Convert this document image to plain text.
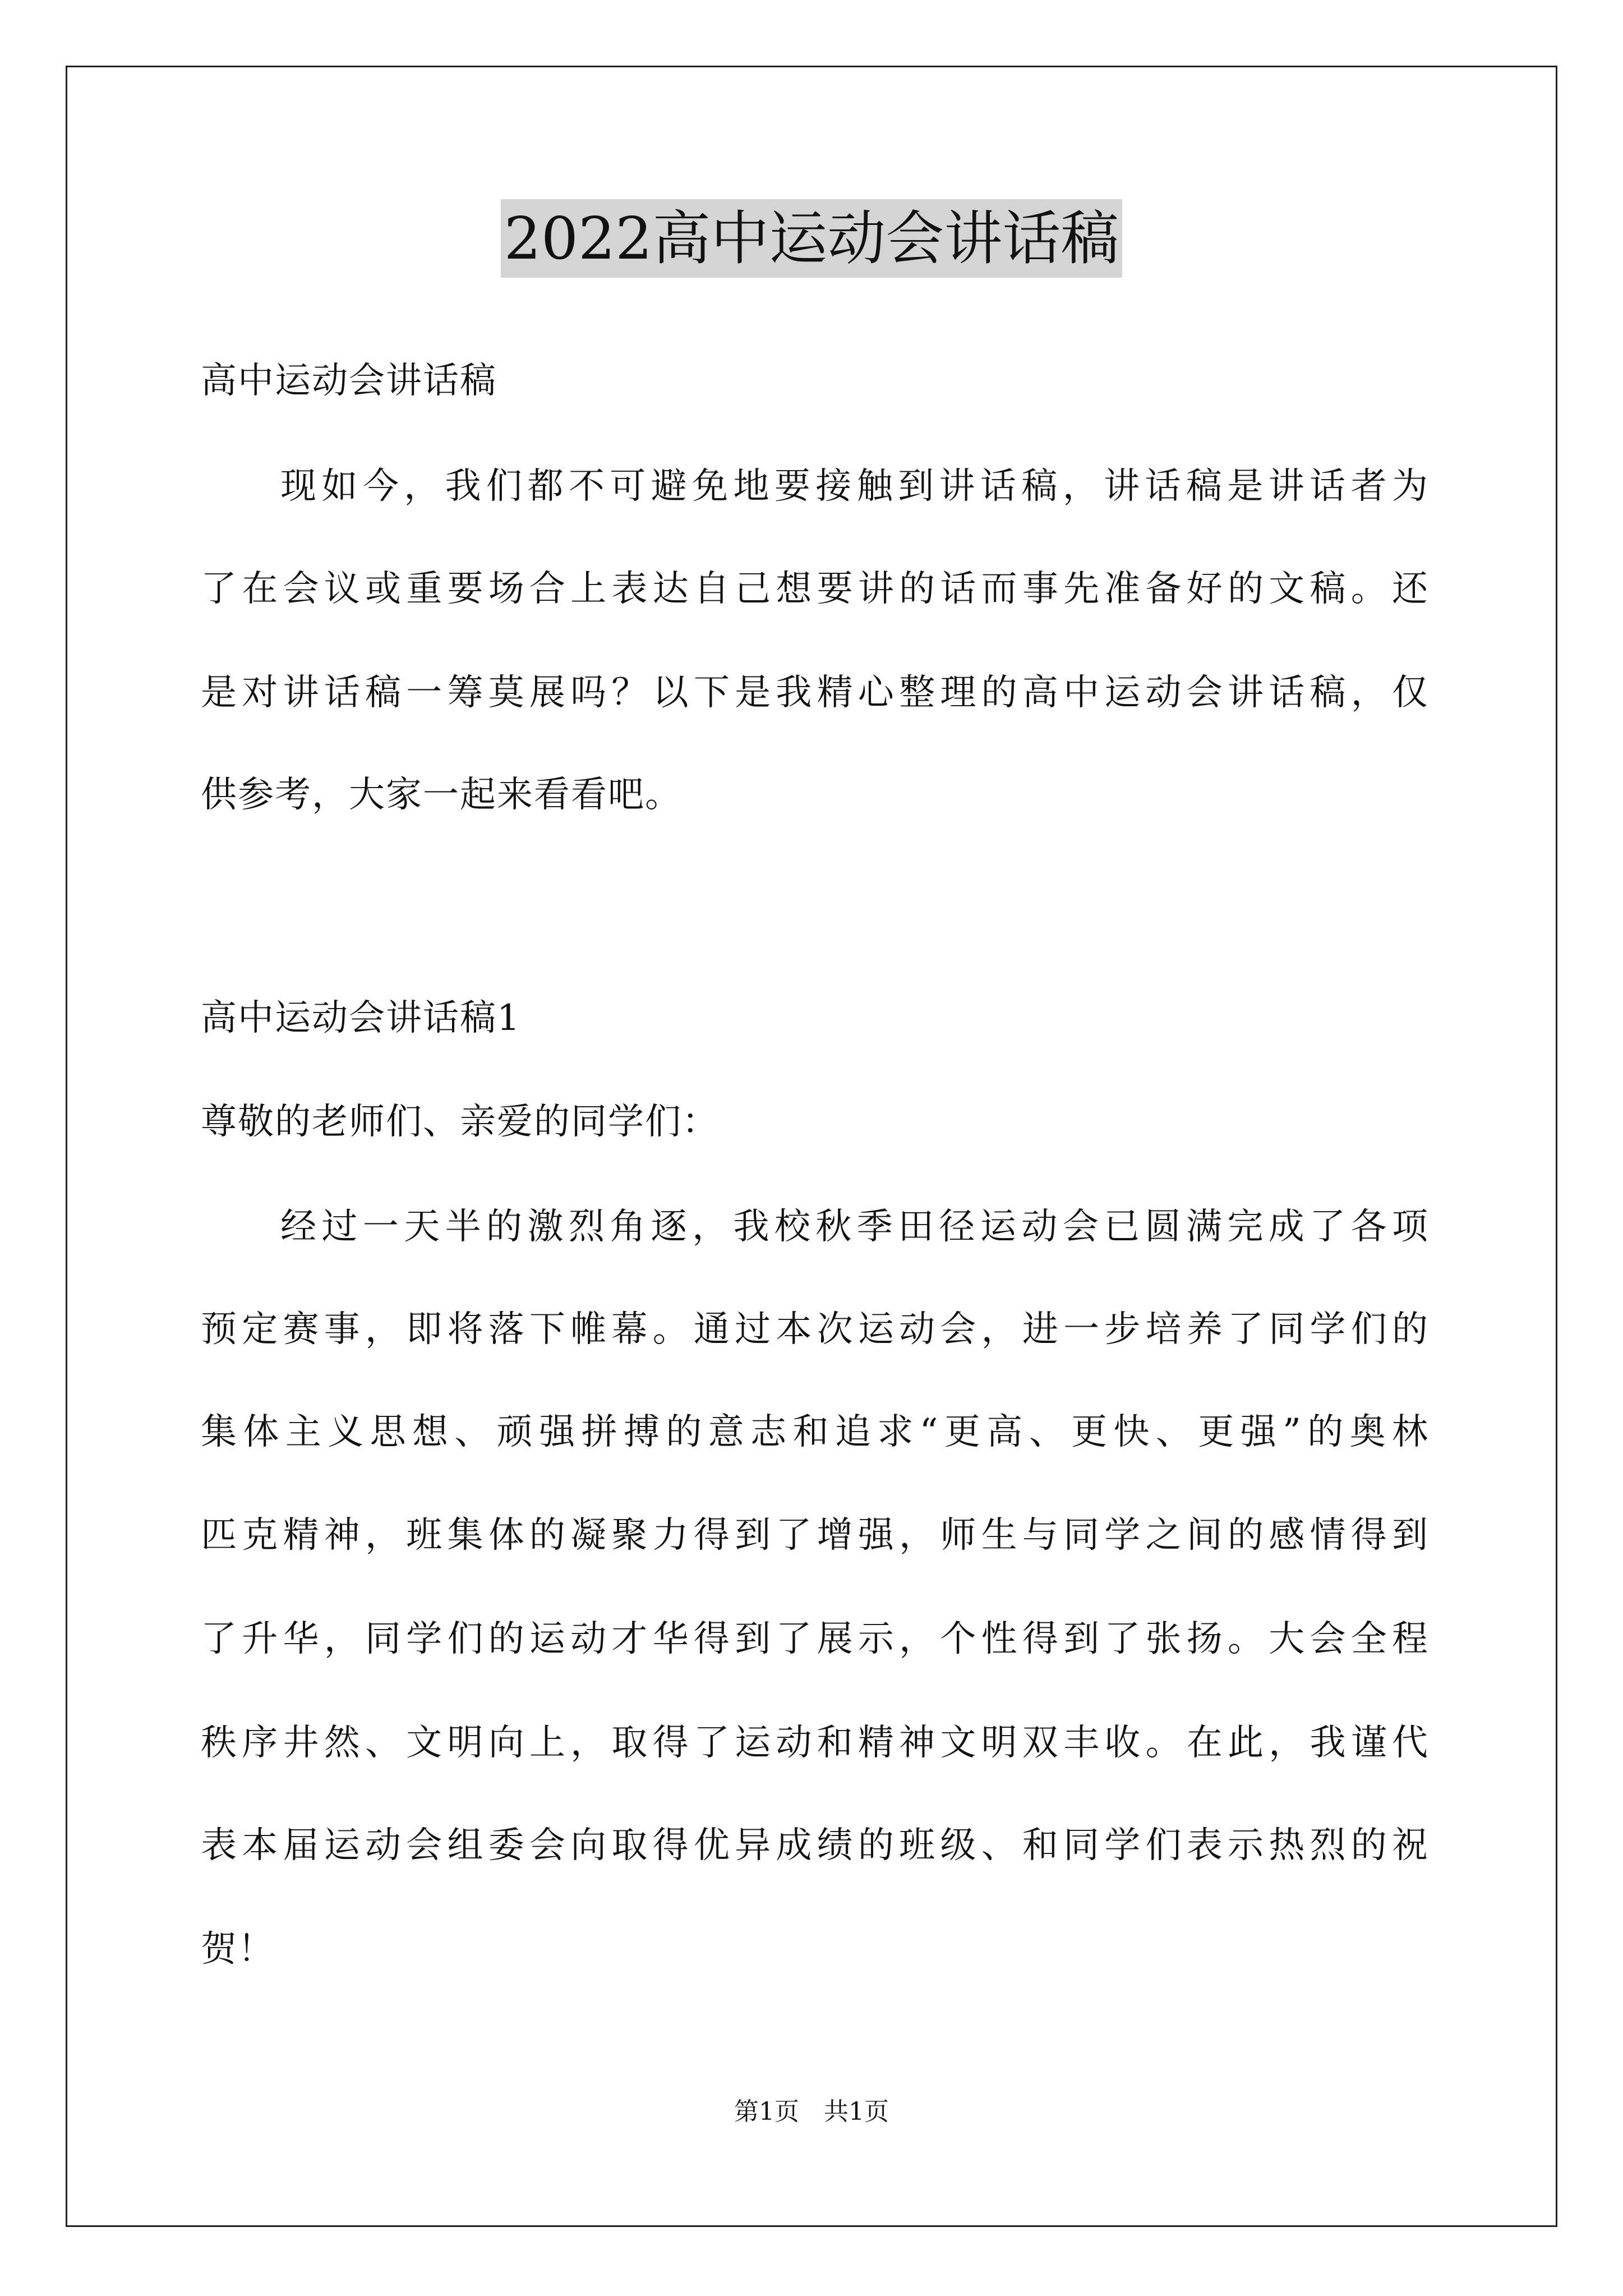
2022高中运动会讲话稿
高中运动会讲话稿
现如今，我们都不可避免地要接触到讲话稿，讲话稿是讲话者为
了在会议或重要场合上表达自己想要讲的话而事先准备好的文稿。还
是对讲话稿一筹莫展吗？以下是我精心整理的高中运动会讲话稿，仅
供参考，大家一起来看看吧。
高中运动会讲话稿1
尊敬的老师们、亲爱的同学们：
经过一天半的激烈角逐，我校秋季田径运动会已圆满完成了各项
预定赛事，即将落下帷幕。通过本次运动会，进一步培养了同学们的
集体主义思想、顽强拼搏的意志和追求“更高、更快、更强”的奥林
匹克精神，班集体的凝聚力得到了增强，师生与同学之间的感情得到
了升华，同学们的运动才华得到了展示，个性得到了张扬。大会全程
秩序井然、文明向上，取得了运动和精神文明双丰收。在此，我谨代
表本届运动会组委会向取得优异成绩的班级、和同学们表示热烈的祝
贺！
第1页　共1页
